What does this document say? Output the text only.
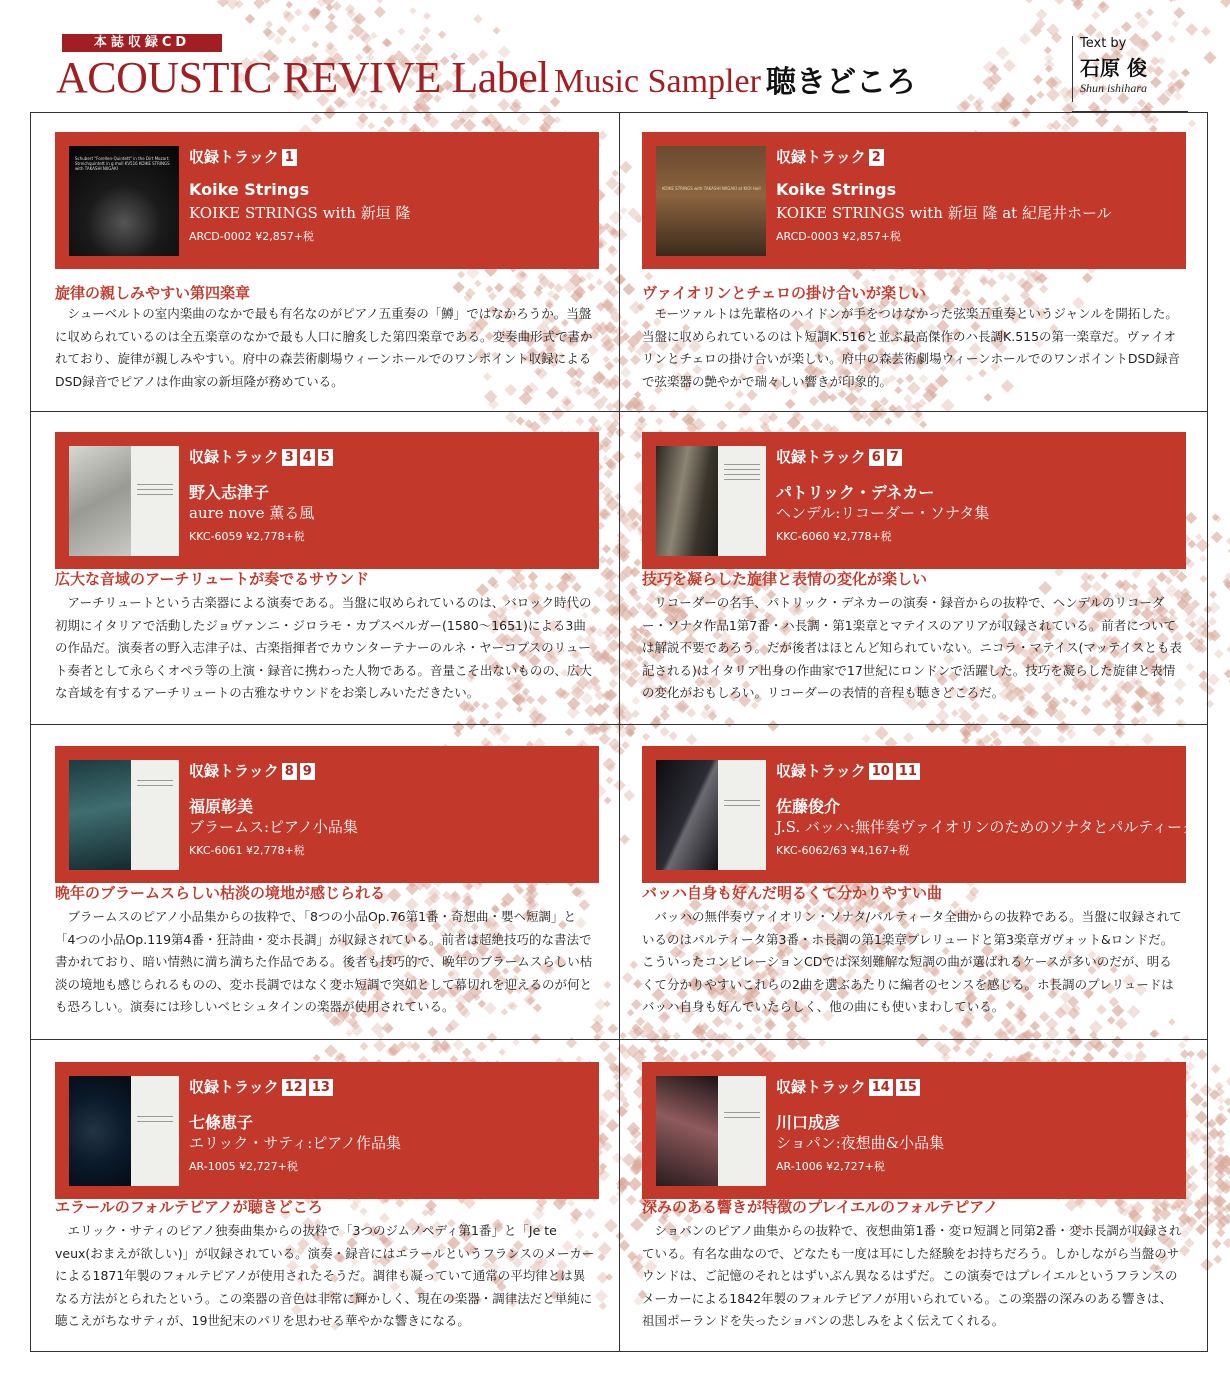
本誌収録CD
ACOUSTIC REVIVE Label Music Sampler 聴きどころ
Text by
石原 俊
Shun ishihara
Schubert "Forellen-Quintett" in the Dirt Mozart: Streichquintett in g moll KV516 KOIKE STRINGS with TAKASHI NIIGAKI
収録トラック 1
Koike Strings
KOIKE STRINGS with 新垣 隆
ARCD-0002 ¥2,857+税
旋律の親しみやすい第四楽章
シューベルトの室内楽曲のなかで最も有名なのがピアノ五重奏の「鱒」ではなかろうか。当盤に収められているのは全五楽章のなかで最も人口に膾炙した第四楽章である。変奏曲形式で書かれており、旋律が親しみやすい。府中の森芸術劇場ウィーンホールでのワンポイント収録によるDSD録音でピアノは作曲家の新垣隆が務めている。
KOIKE STRINGS with TAKASHI NIIGAKI at KIOI Hall
収録トラック 2
Koike Strings
KOIKE STRINGS with 新垣 隆 at 紀尾井ホール
ARCD-0003 ¥2,857+税
ヴァイオリンとチェロの掛け合いが楽しい
モーツァルトは先輩格のハイドンが手をつけなかった弦楽五重奏というジャンルを開拓した。当盤に収められているのはト短調K.516と並ぶ最高傑作のハ長調K.515の第一楽章だ。ヴァイオリンとチェロの掛け合いが楽しい。府中の森芸術劇場ウィーンホールでのワンポイントDSD録音で弦楽器の艶やかで瑞々しい響きが印象的。
収録トラック 3 4 5
野入志津子
aure nove 薫る風
KKC-6059 ¥2,778+税
広大な音域のアーチリュートが奏でるサウンド
アーチリュートという古楽器による演奏である。当盤に収められているのは、バロック時代の初期にイタリアで活動したジョヴァンニ・ジロラモ・カプスベルガー(1580〜1651)による3曲の作品だ。演奏者の野入志津子は、古楽指揮者でカウンターテナーのルネ・ヤーコプスのリュート奏者として永らくオペラ等の上演・録音に携わった人物である。音量こそ出ないものの、広大な音域を有するアーチリュートの古雅なサウンドをお楽しみいただきたい。
収録トラック 6 7
パトリック・デネカー
ヘンデル:リコーダー・ソナタ集
KKC-6060 ¥2,778+税
技巧を凝らした旋律と表情の変化が楽しい
リコーダーの名手、パトリック・デネカーの演奏・録音からの抜粋で、ヘンデルのリコーダー・ソナタ作品1第7番・ハ長調・第1楽章とマテイスのアリアが収録されている。前者については解説不要であろう。だが後者はほとんど知られていない。ニコラ・マテイス(マッテイスとも表記される)はイタリア出身の作曲家で17世紀にロンドンで活躍した。技巧を凝らした旋律と表情の変化がおもしろい。リコーダーの表情的音程も聴きどころだ。
収録トラック 8 9
福原彰美
ブラームス:ピアノ小品集
KKC-6061 ¥2,778+税
晩年のブラームスらしい枯淡の境地が感じられる
ブラームスのピアノ小品集からの抜粋で、「8つの小品Op.76第1番・奇想曲・嬰ヘ短調」と「4つの小品Op.119第4番・狂詩曲・変ホ長調」が収録されている。前者は超絶技巧的な書法で書かれており、暗い情熱に満ち満ちた作品である。後者も技巧的で、晩年のブラームスらしい枯淡の境地も感じられるものの、変ホ長調ではなく変ホ短調で突如として幕切れを迎えるのが何とも恐ろしい。演奏には珍しいベヒシュタインの楽器が使用されている。
収録トラック 10 11
佐藤俊介
J.S. バッハ:無伴奏ヴァイオリンのためのソナタとパルティータ
KKC-6062/63 ¥4,167+税
バッハ自身も好んだ明るくて分かりやすい曲
バッハの無伴奏ヴァイオリン・ソナタ/パルティータ全曲からの抜粋である。当盤に収録されているのはパルティータ第3番・ホ長調の第1楽章プレリュードと第3楽章ガヴォット&ロンドだ。こういったコンピレーションCDでは深刻難解な短調の曲が選ばれるケースが多いのだが、明るくて分かりやすいこれらの2曲を選ぶあたりに編者のセンスを感じる。ホ長調のプレリュードはバッハ自身も好んでいたらしく、他の曲にも使いまわしている。
収録トラック 12 13
七條恵子
エリック・サティ:ピアノ作品集
AR-1005 ¥2,727+税
エラールのフォルテピアノが聴きどころ
エリック・サティのピアノ独奏曲集からの抜粋で「3つのジムノペディ第1番」と「Je te veux(おまえが欲しい)」が収録されている。演奏・録音にはエラールというフランスのメーカーによる1871年製のフォルテピアノが使用されたそうだ。調律も凝っていて通常の平均律とは異なる方法がとられたという。この楽器の音色は非常に輝かしく、現在の楽器・調律法だと単純に聴こえがちなサティが、19世紀末のパリを思わせる華やかな響きになる。
収録トラック 14 15
川口成彦
ショパン:夜想曲&小品集
AR-1006 ¥2,727+税
深みのある響きが特徴のプレイエルのフォルテピアノ
ショパンのピアノ曲集からの抜粋で、夜想曲第1番・変ロ短調と同第2番・変ホ長調が収録されている。有名な曲なので、どなたも一度は耳にした経験をお持ちだろう。しかしながら当盤のサウンドは、ご記憶のそれとはずいぶん異なるはずだ。この演奏ではプレイエルというフランスのメーカーによる1842年製のフォルテピアノが用いられている。この楽器の深みのある響きは、祖国ポーランドを失ったショパンの悲しみをよく伝えてくれる。
